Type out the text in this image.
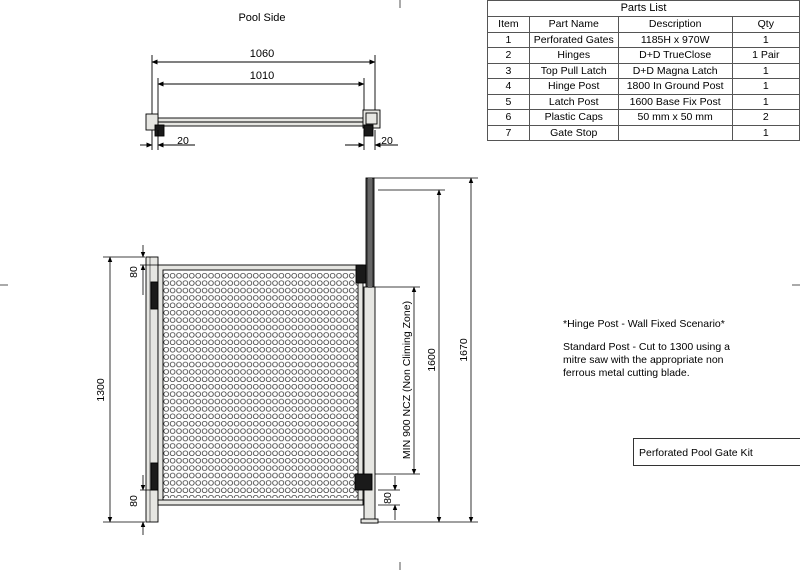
Pool Side
1060
1010
20	20
1300
80
80
MIN 900 NCZ (Non Climing Zone) 1600 1670
80
Parts List
Item	Part Name	Description	Qty
1	Perforated Gates	1185H x 970W	1
2	Hinges	D+D TrueClose	1 Pair
3	Top Pull Latch	D+D Magna Latch	1
4	Hinge Post	1800 In Ground Post	1
5	Latch Post	1600 Base Fix Post	1
6	Plastic Caps	50 mm x 50 mm	2
7	Gate Stop		1
*Hinge Post - Wall Fixed Scenario*
Standard Post - Cut to 1300 using a
mitre saw with the appropriate non
ferrous metal cutting blade.
Perforated Pool Gate Kit
